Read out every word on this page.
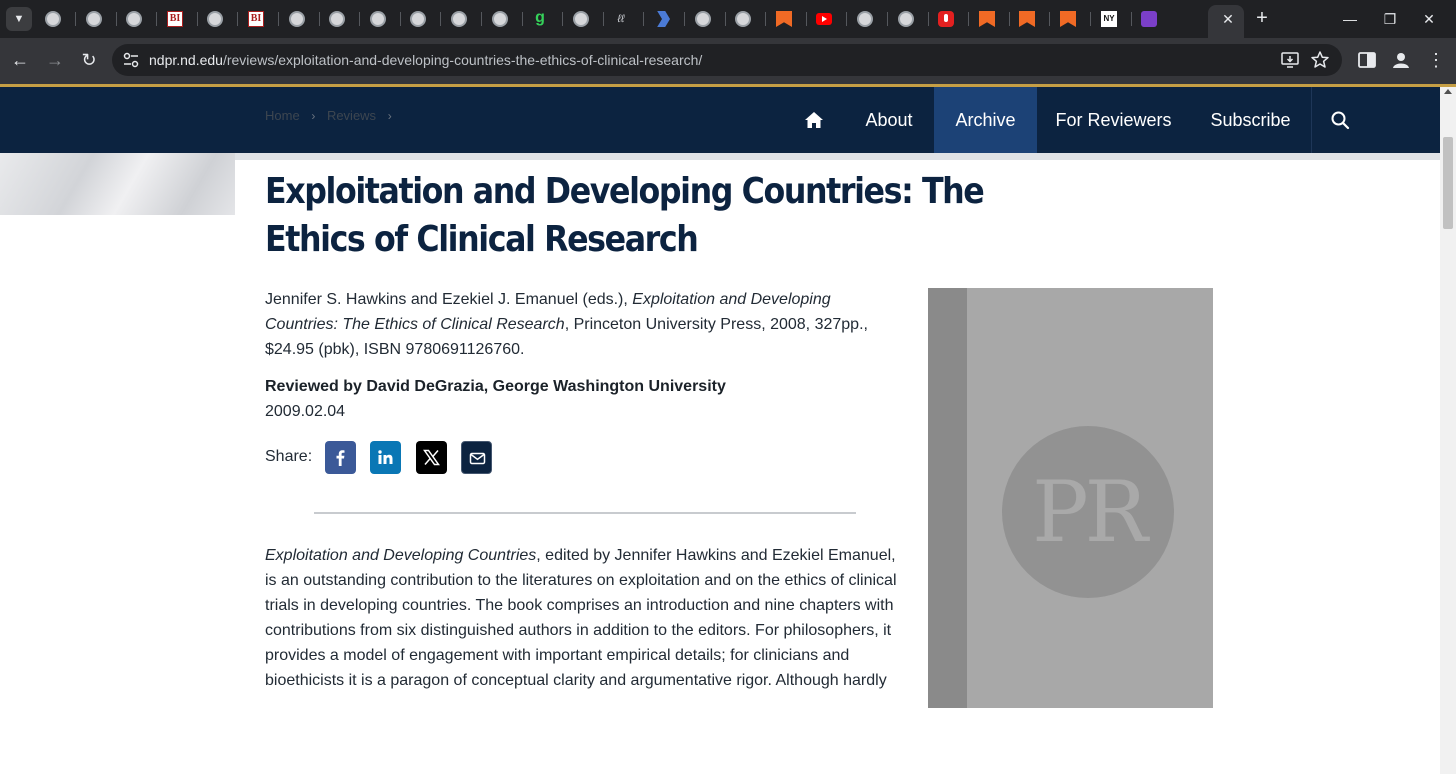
▼	BI	BI	g	ℓℓ	NY	✕ +	—	❐	✕
← → ↻	ndpr.nd.edu/reviews/exploitation-and-developing-countries-the-ethics-of-clinical-research/	⋮
About	Archive	For Reviewers	Subscribe
Home › Reviews ›
Exploitation and Developing Countries: The Ethics of Clinical Research

Jennifer S. Hawkins and Ezekiel J. Emanuel (eds.), Exploitation and Developing Countries: The Ethics of Clinical Research, Princeton University Press, 2008, 327pp., $24.95 (pbk), ISBN 9780691126760.

Reviewed by David DeGrazia, George Washington University
2009.02.04
Share:

Exploitation and Developing Countries, edited by Jennifer Hawkins and Ezekiel Emanuel, is an outstanding contribution to the literatures on exploitation and on the ethics of clinical trials in developing countries. The book comprises an introduction and nine chapters with contributions from six distinguished authors in addition to the editors. For philosophers, it provides a model of engagement with important empirical details; for clinicians and bioethicists it is a paragon of conceptual clarity and argumentative rigor. Although hardly

PR
